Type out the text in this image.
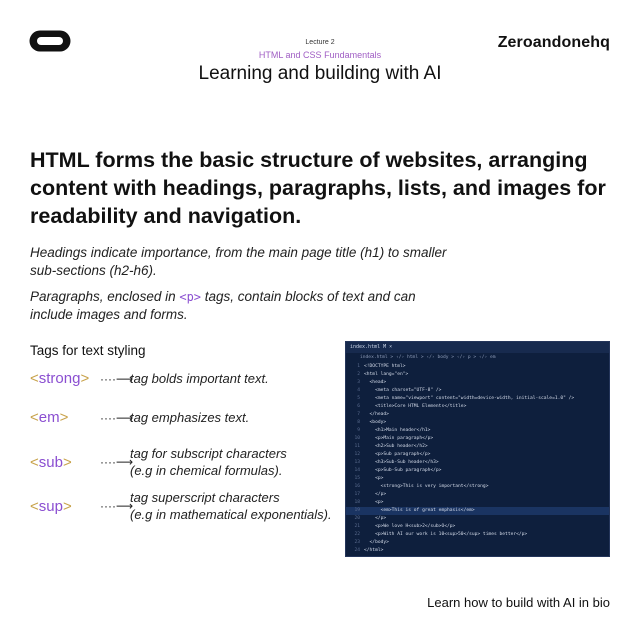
Zeroandonehq
Lecture 2
HTML and CSS Fundamentals
Learning and building with AI
HTML forms the basic structure of websites, arranging content with headings, paragraphs, lists, and images for readability and navigation.
Headings indicate importance, from the main page title (h1) to smaller sub-sections (h2-h6).
Paragraphs, enclosed in <p> tags, contain blocks of text and can include images and forms.
Tags for text styling
<strong> ····⟶
tag bolds important text.
<em>	····⟶
tag emphasizes text.
<sub>	····⟶
tag for subscript characters
(e.g in chemical formulas).
<sup>	····⟶
tag superscript characters
(e.g in mathematical exponentials).
index.html M ×
index.html > ‹/› html > ‹/› body > ‹/› p > ‹/› em
1 <!DOCTYPE html>
2 <html lang="en">
3 <head>
4 <meta charset="UTF-8" />
5 <meta name="viewport" content="width=device-width, initial-scale=1.0" />
6 <title>Core HTML Elements</title>
7 </head>
8 <body>
9 <h1>Main header</h1>
10 <p>Main paragraph</p>
11 <h2>Sub header</h2>
12 <p>Sub paragraph</p>
13 <h3>Sub-Sub header</h3>
14 <p>Sub-Sub paragraph</p>
15 <p>
16 <strong>This is very important</strong>
17 </p>
18 <p>
19 <em>This is of great emphasis</em>
20 </p>
21 <p>We love H<sub>2</sub>O</p>
22 <p>With AI our work is 10<sup>50</sup> times better</p>
23 </body>
24 </html>
Learn how to build with AI in bio
